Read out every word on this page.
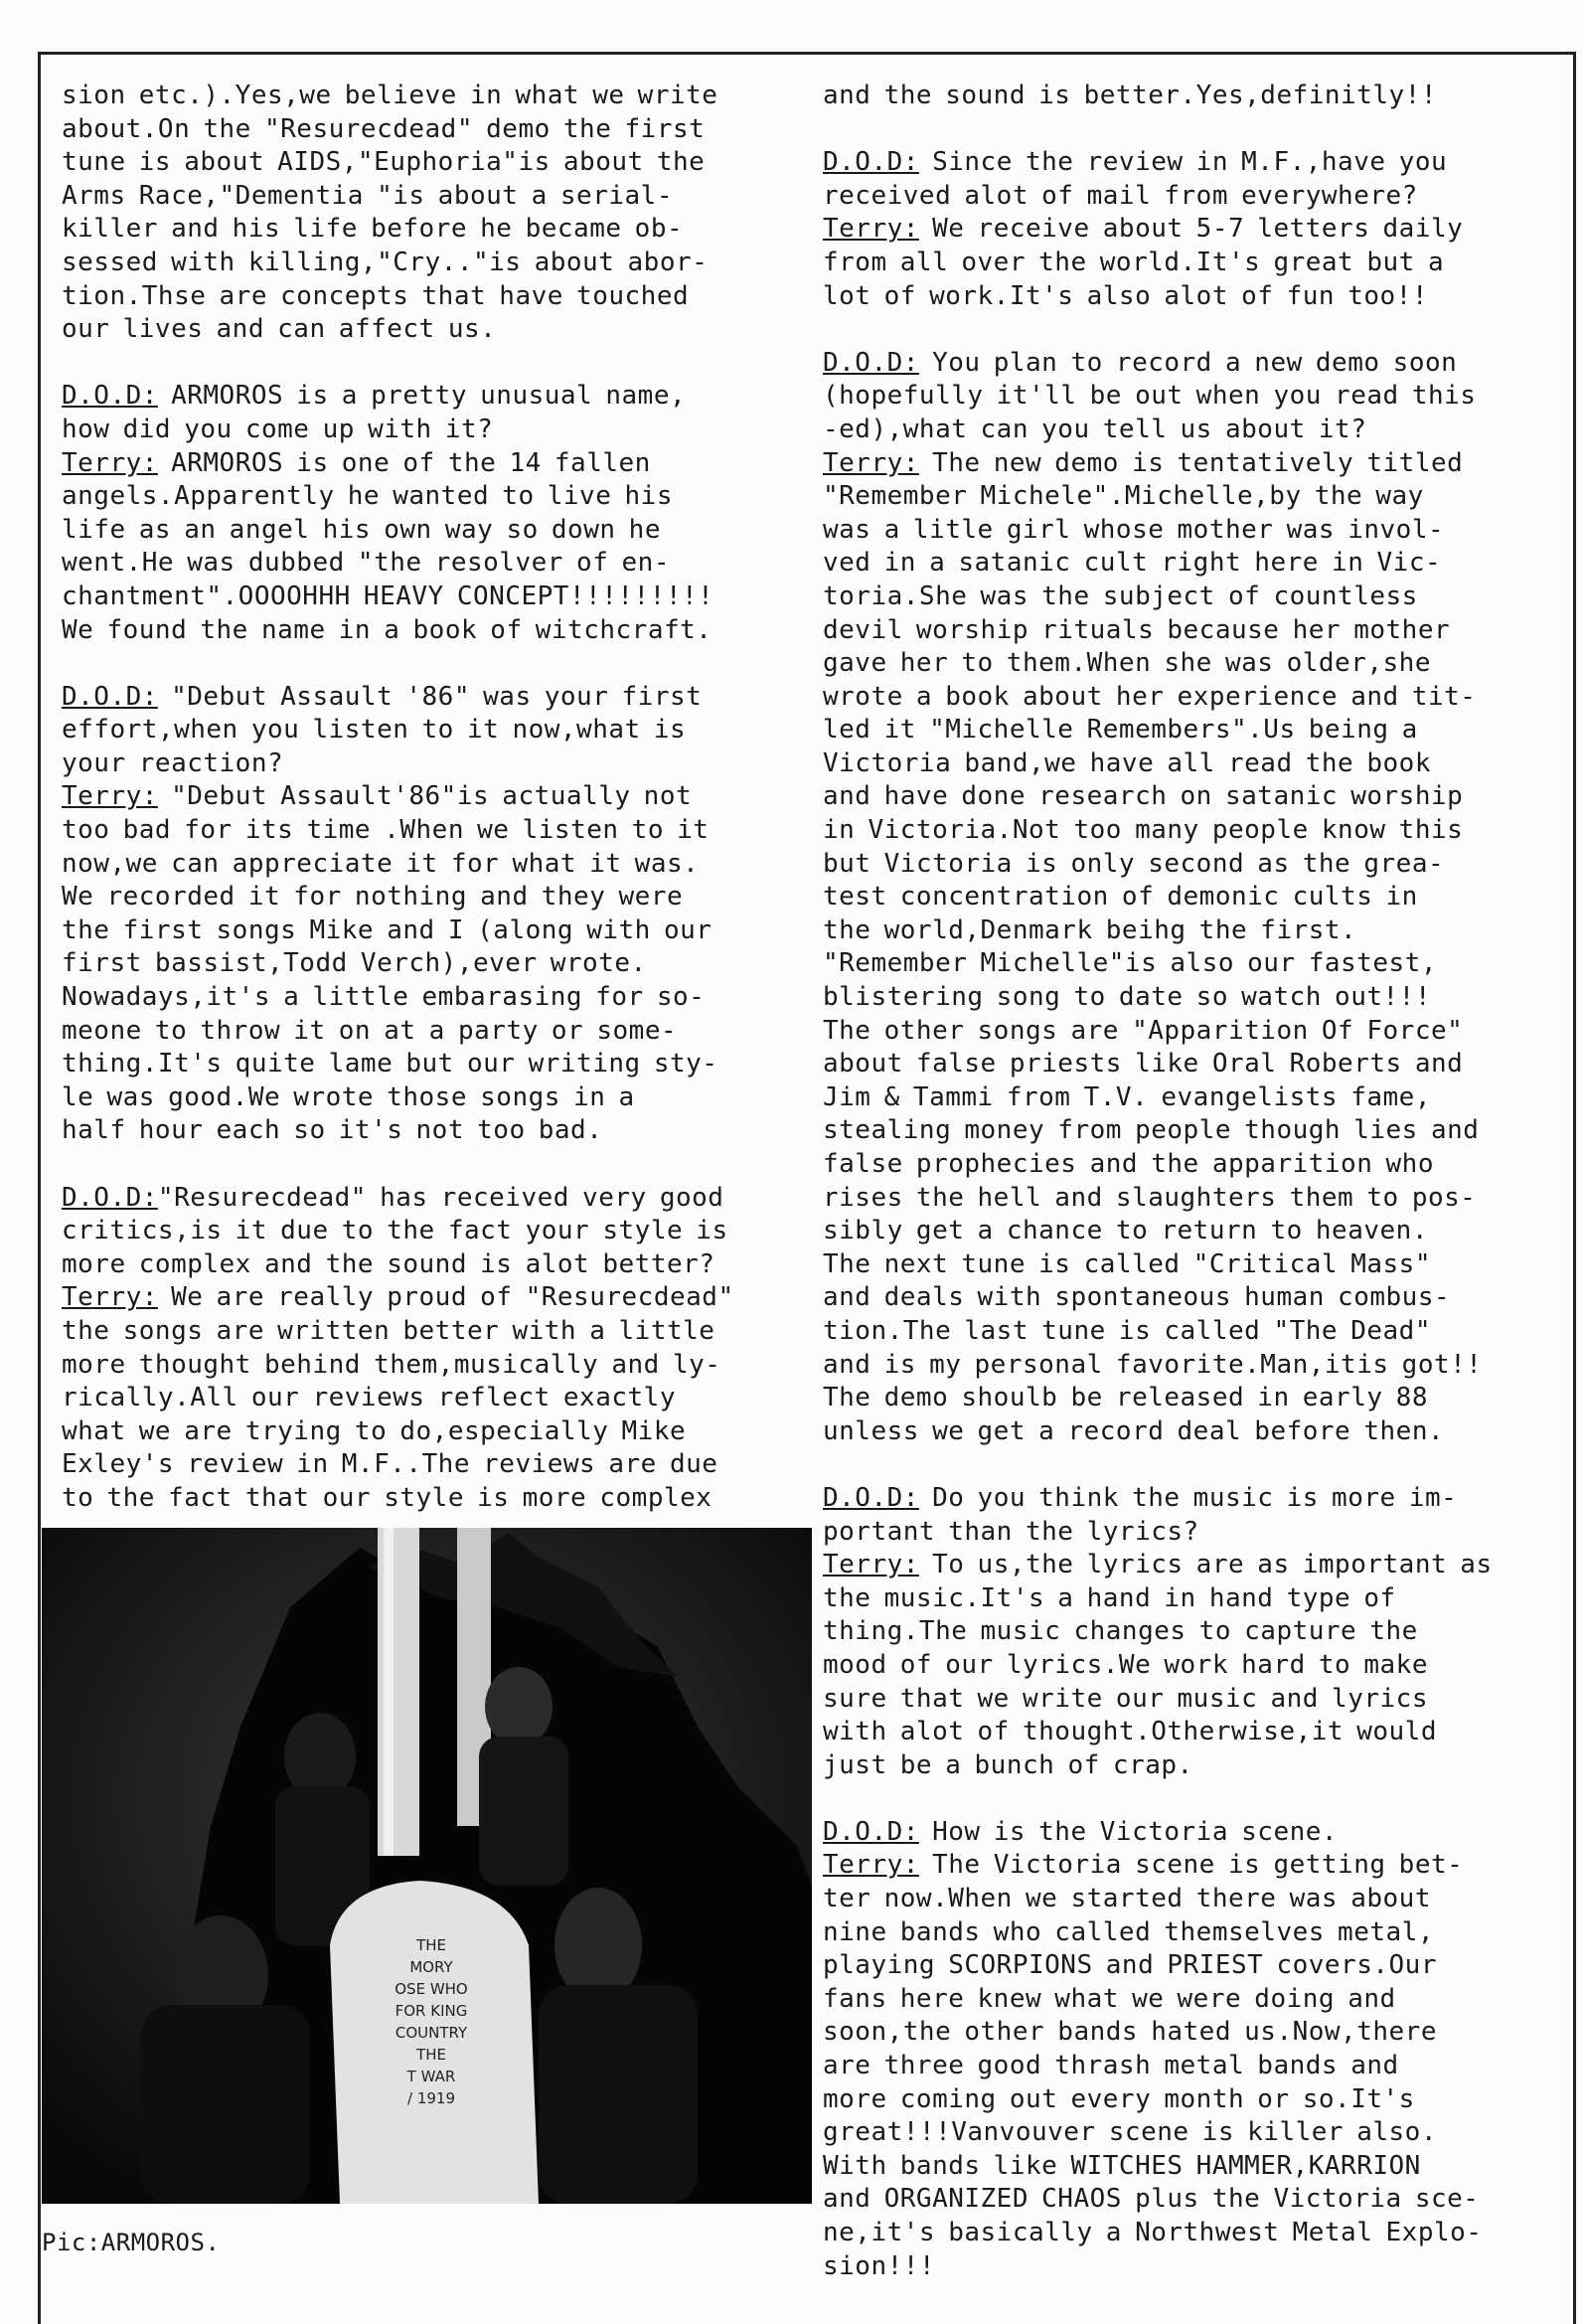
sion etc.).Yes,we believe in what we write
about.On the "Resurecdead" demo the first
tune is about AIDS,"Euphoria"is about the
Arms Race,"Dementia "is about a serial-
killer and his life before he became ob-
sessed with killing,"Cry.."is about abor-
tion.Thse are concepts that have touched
our lives and can affect us.
D.O.D: ARMOROS is a pretty unusual name,
how did you come up with it?
Terry: ARMOROS is one of the 14 fallen
angels.Apparently he wanted to live his
life as an angel his own way so down he
went.He was dubbed "the resolver of en-
chantment".OOOOHHH HEAVY CONCEPT!!!!!!!!!
We found the name in a book of witchcraft.
D.O.D: "Debut Assault '86" was your first
effort,when you listen to it now,what is
your reaction?
Terry: "Debut Assault'86"is actually not
too bad for its time .When we listen to it
now,we can appreciate it for what it was.
We recorded it for nothing and they were
the first songs Mike and I (along with our
first bassist,Todd Verch),ever wrote.
Nowadays,it's a little embarasing for so-
meone to throw it on at a party or some-
thing.It's quite lame but our writing sty-
le was good.We wrote those songs in a
half hour each so it's not too bad.
D.O.D:"Resurecdead" has received very good
critics,is it due to the fact your style is
more complex and the sound is alot better?
Terry: We are really proud of "Resurecdead"
the songs are written better with a little
more thought behind them,musically and ly-
rically.All our reviews reflect exactly
what we are trying to do,especially Mike
Exley's review in M.F..The reviews are due
to the fact that our style is more complex
and the sound is better.Yes,definitly!!
D.O.D: Since the review in M.F.,have you
received alot of mail from everywhere?
Terry: We receive about 5-7 letters daily
from all over the world.It's great but a
lot of work.It's also alot of fun too!!
D.O.D: You plan to record a new demo soon
(hopefully it'll be out when you read this
-ed),what can you tell us about it?
Terry: The new demo is tentatively titled
"Remember Michele".Michelle,by the way
was a litle girl whose mother was invol-
ved in a satanic cult right here in Vic-
toria.She was the subject of countless
devil worship rituals because her mother
gave her to them.When she was older,she
wrote a book about her experience and tit-
led it "Michelle Remembers".Us being a
Victoria band,we have all read the book
and have done research on satanic worship
in Victoria.Not too many people know this
but Victoria is only second as the grea-
test concentration of demonic cults in
the world,Denmark beihg the first.
"Remember Michelle"is also our fastest,
blistering song to date so watch out!!!
The other songs are "Apparition Of Force"
about false priests like Oral Roberts and
Jim & Tammi from T.V. evangelists fame,
stealing money from people though lies and
false prophecies and the apparition who
rises the hell and slaughters them to pos-
sibly get a chance to return to heaven.
The next tune is called "Critical Mass"
and deals with spontaneous human combus-
tion.The last tune is called "The Dead"
and is my personal favorite.Man,itis got!!
The demo shoulb be released in early 88
unless we get a record deal before then.
D.O.D: Do you think the music is more im-
portant than the lyrics?
Terry: To us,the lyrics are as important as
the music.It's a hand in hand type of
thing.The music changes to capture the
mood of our lyrics.We work hard to make
sure that we write our music and lyrics
with alot of thought.Otherwise,it would
just be a bunch of crap.
D.O.D: How is the Victoria scene.
Terry: The Victoria scene is getting bet-
ter now.When we started there was about
nine bands who called themselves metal,
playing SCORPIONS and PRIEST covers.Our
fans here knew what we were doing and
soon,the other bands hated us.Now,there
are three good thrash metal bands and
more coming out every month or so.It's
great!!!Vanvouver scene is killer also.
With bands like WITCHES HAMMER,KARRION
and ORGANIZED CHAOS plus the Victoria sce-
ne,it's basically a Northwest Metal Explo-
sion!!!
THE
MORY
OSE WHO
FOR KING
COUNTRY
THE
T WAR
/ 1919
Pic:ARMOROS.
